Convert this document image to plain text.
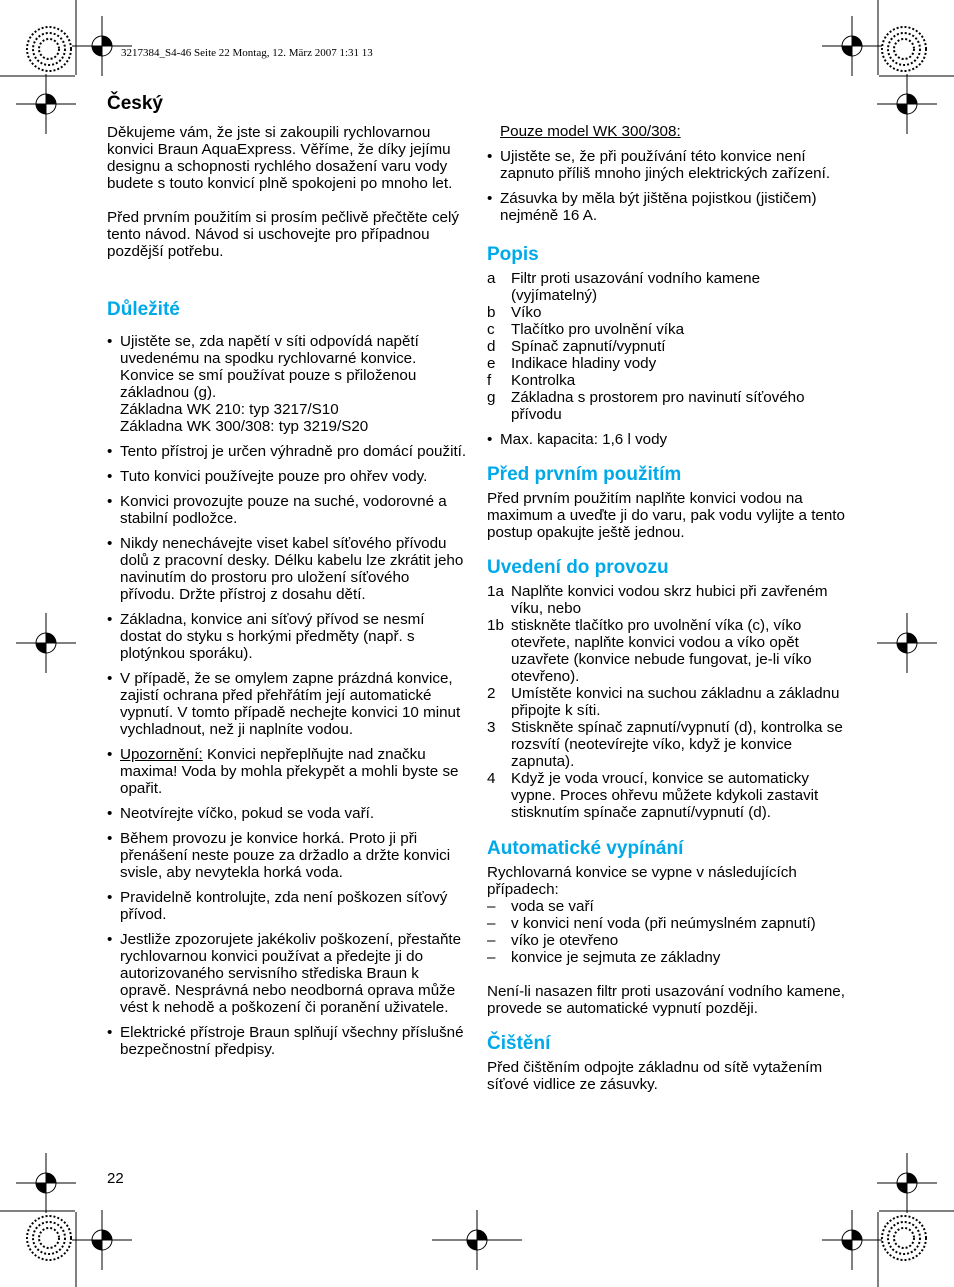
3217384_S4-46 Seite 22 Montag, 12. März 2007 1:31 13
Český

Děkujeme vám, že jste si zakoupili rychlovarnou konvici Braun AquaExpress. Věříme, že díky jejímu designu a schopnosti rychlého dosažení varu vody budete s touto konvicí plně spokojeni po mnoho let.

Před prvním použitím si prosím pečlivě přečtěte celý tento návod. Návod si uschovejte pro případnou pozdější potřebu.

Důležité
• Ujistěte se, zda napětí v síti odpovídá napětí uvedenému na spodku rychlovarné konvice. Konvice se smí používat pouze s přiloženou základnou (g).
Základna WK 210: typ 3217/S10
Základna WK 300/308: typ 3219/S20
• Tento přístroj je určen výhradně pro domácí použití.
• Tuto konvici používejte pouze pro ohřev vody.
• Konvici provozujte pouze na suché, vodorovné a stabilní podložce.
• Nikdy nenechávejte viset kabel síťového přívodu dolů z pracovní desky. Délku kabelu lze zkrátit jeho navinutím do prostoru pro uložení síťového přívodu. Držte přístroj z dosahu dětí.
• Základna, konvice ani síťový přívod se nesmí dostat do styku s horkými předměty (např. s plotýnkou sporáku).
• V případě, že se omylem zapne prázdná konvice, zajistí ochrana před přehřátím její automatické vypnutí. V tomto případě nechejte konvici 10 minut vychladnout, než ji naplníte vodou.
• Upozornění: Konvici nepřeplňujte nad značku maxima! Voda by mohla překypět a mohli byste se opařit.
• Neotvírejte víčko, pokud se voda vaří.
• Během provozu je konvice horká. Proto ji při přenášení neste pouze za držadlo a držte konvici svisle, aby nevytekla horká voda.
• Pravidelně kontrolujte, zda není poškozen síťový přívod.
• Jestliže zpozorujete jakékoliv poškození, přestaňte rychlovarnou konvici používat a předejte ji do autorizovaného servisního střediska Braun k opravě. Nesprávná nebo neodborná oprava může vést k nehodě a poškození či poranění uživatele.
• Elektrické přístroje Braun splňují všechny příslušné bezpečnostní předpisy.
22

Pouze model WK 300/308:

• Ujistěte se, že při používání této konvice není zapnuto příliš mnoho jiných elektrických zařízení.
• Zásuvka by měla být jištěna pojistkou (jističem) nejméně 16 A.
Popis
a	Filtr proti usazování vodního kamene (vyjímatelný)
b	Víko
c	Tlačítko pro uvolnění víka
d	Spínač zapnutí/vypnutí
e	Indikace hladiny vody
f	Kontrolka
g	Základna s prostorem pro navinutí síťového přívodu
• Max. kapacita: 1,6 l vody
Před prvním použitím

Před prvním použitím naplňte konvici vodou na maximum a uveďte ji do varu, pak vodu vylijte a tento postup opakujte ještě jednou.

Uvedení do provozu
1a Naplňte konvici vodou skrz hubici při zavřeném víku, nebo
1b stiskněte tlačítko pro uvolnění víka (c), víko otevřete, naplňte konvici vodou a víko opět uzavřete (konvice nebude fungovat, je-li víko otevřeno).
2	Umístěte konvici na suchou základnu a základnu připojte k síti.
3	Stiskněte spínač zapnutí/vypnutí (d), kontrolka se rozsvítí (neotevírejte víko, když je konvice zapnuta).
4	Když je voda vroucí, konvice se automaticky vypne. Proces ohřevu můžete kdykoli zastavit stisknutím spínače zapnutí/vypnutí (d).
Automatické vypínání

Rychlovarná konvice se vypne v následujících případech:

–	voda se vaří
–	v konvici není voda (při neúmyslném zapnutí)
–	víko je otevřeno
–	konvice je sejmuta ze základny

Není-li nasazen filtr proti usazování vodního kamene, provede se automatické vypnutí později.

Čištění

Před čištěním odpojte základnu od sítě vytažením síťové vidlice ze zásuvky.
